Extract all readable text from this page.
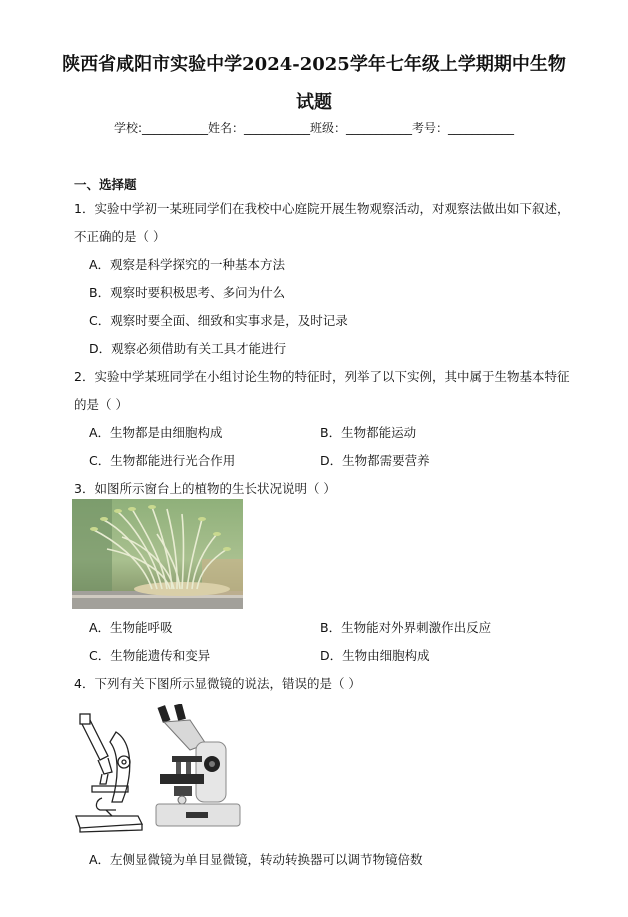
陕西省咸阳市实验中学2024-2025学年七年级上学期期中生物
试题
学校:___________姓名：___________班级：___________考号：___________
一、选择题
1．实验中学初一某班同学们在我校中心庭院开展生物观察活动，对观察法做出如下叙述，
不正确的是（ ）
A．观察是科学探究的一种基本方法
B．观察时要积极思考、多问为什么
C．观察时要全面、细致和实事求是，及时记录
D．观察必须借助有关工具才能进行
2．实验中学某班同学在小组讨论生物的特征时，列举了以下实例，其中属于生物基本特征
的是（ ）
A．生物都是由细胞构成	B．生物都能运动
C．生物都能进行光合作用	D．生物都需要营养
3．如图所示窗台上的植物的生长状况说明（ ）
A．生物能呼吸	B．生物能对外界刺激作出反应
C．生物能遗传和变异	D．生物由细胞构成
4．下列有关下图所示显微镜的说法，错误的是（ ）
A．左侧显微镜为单目显微镜，转动转换器可以调节物镜倍数
